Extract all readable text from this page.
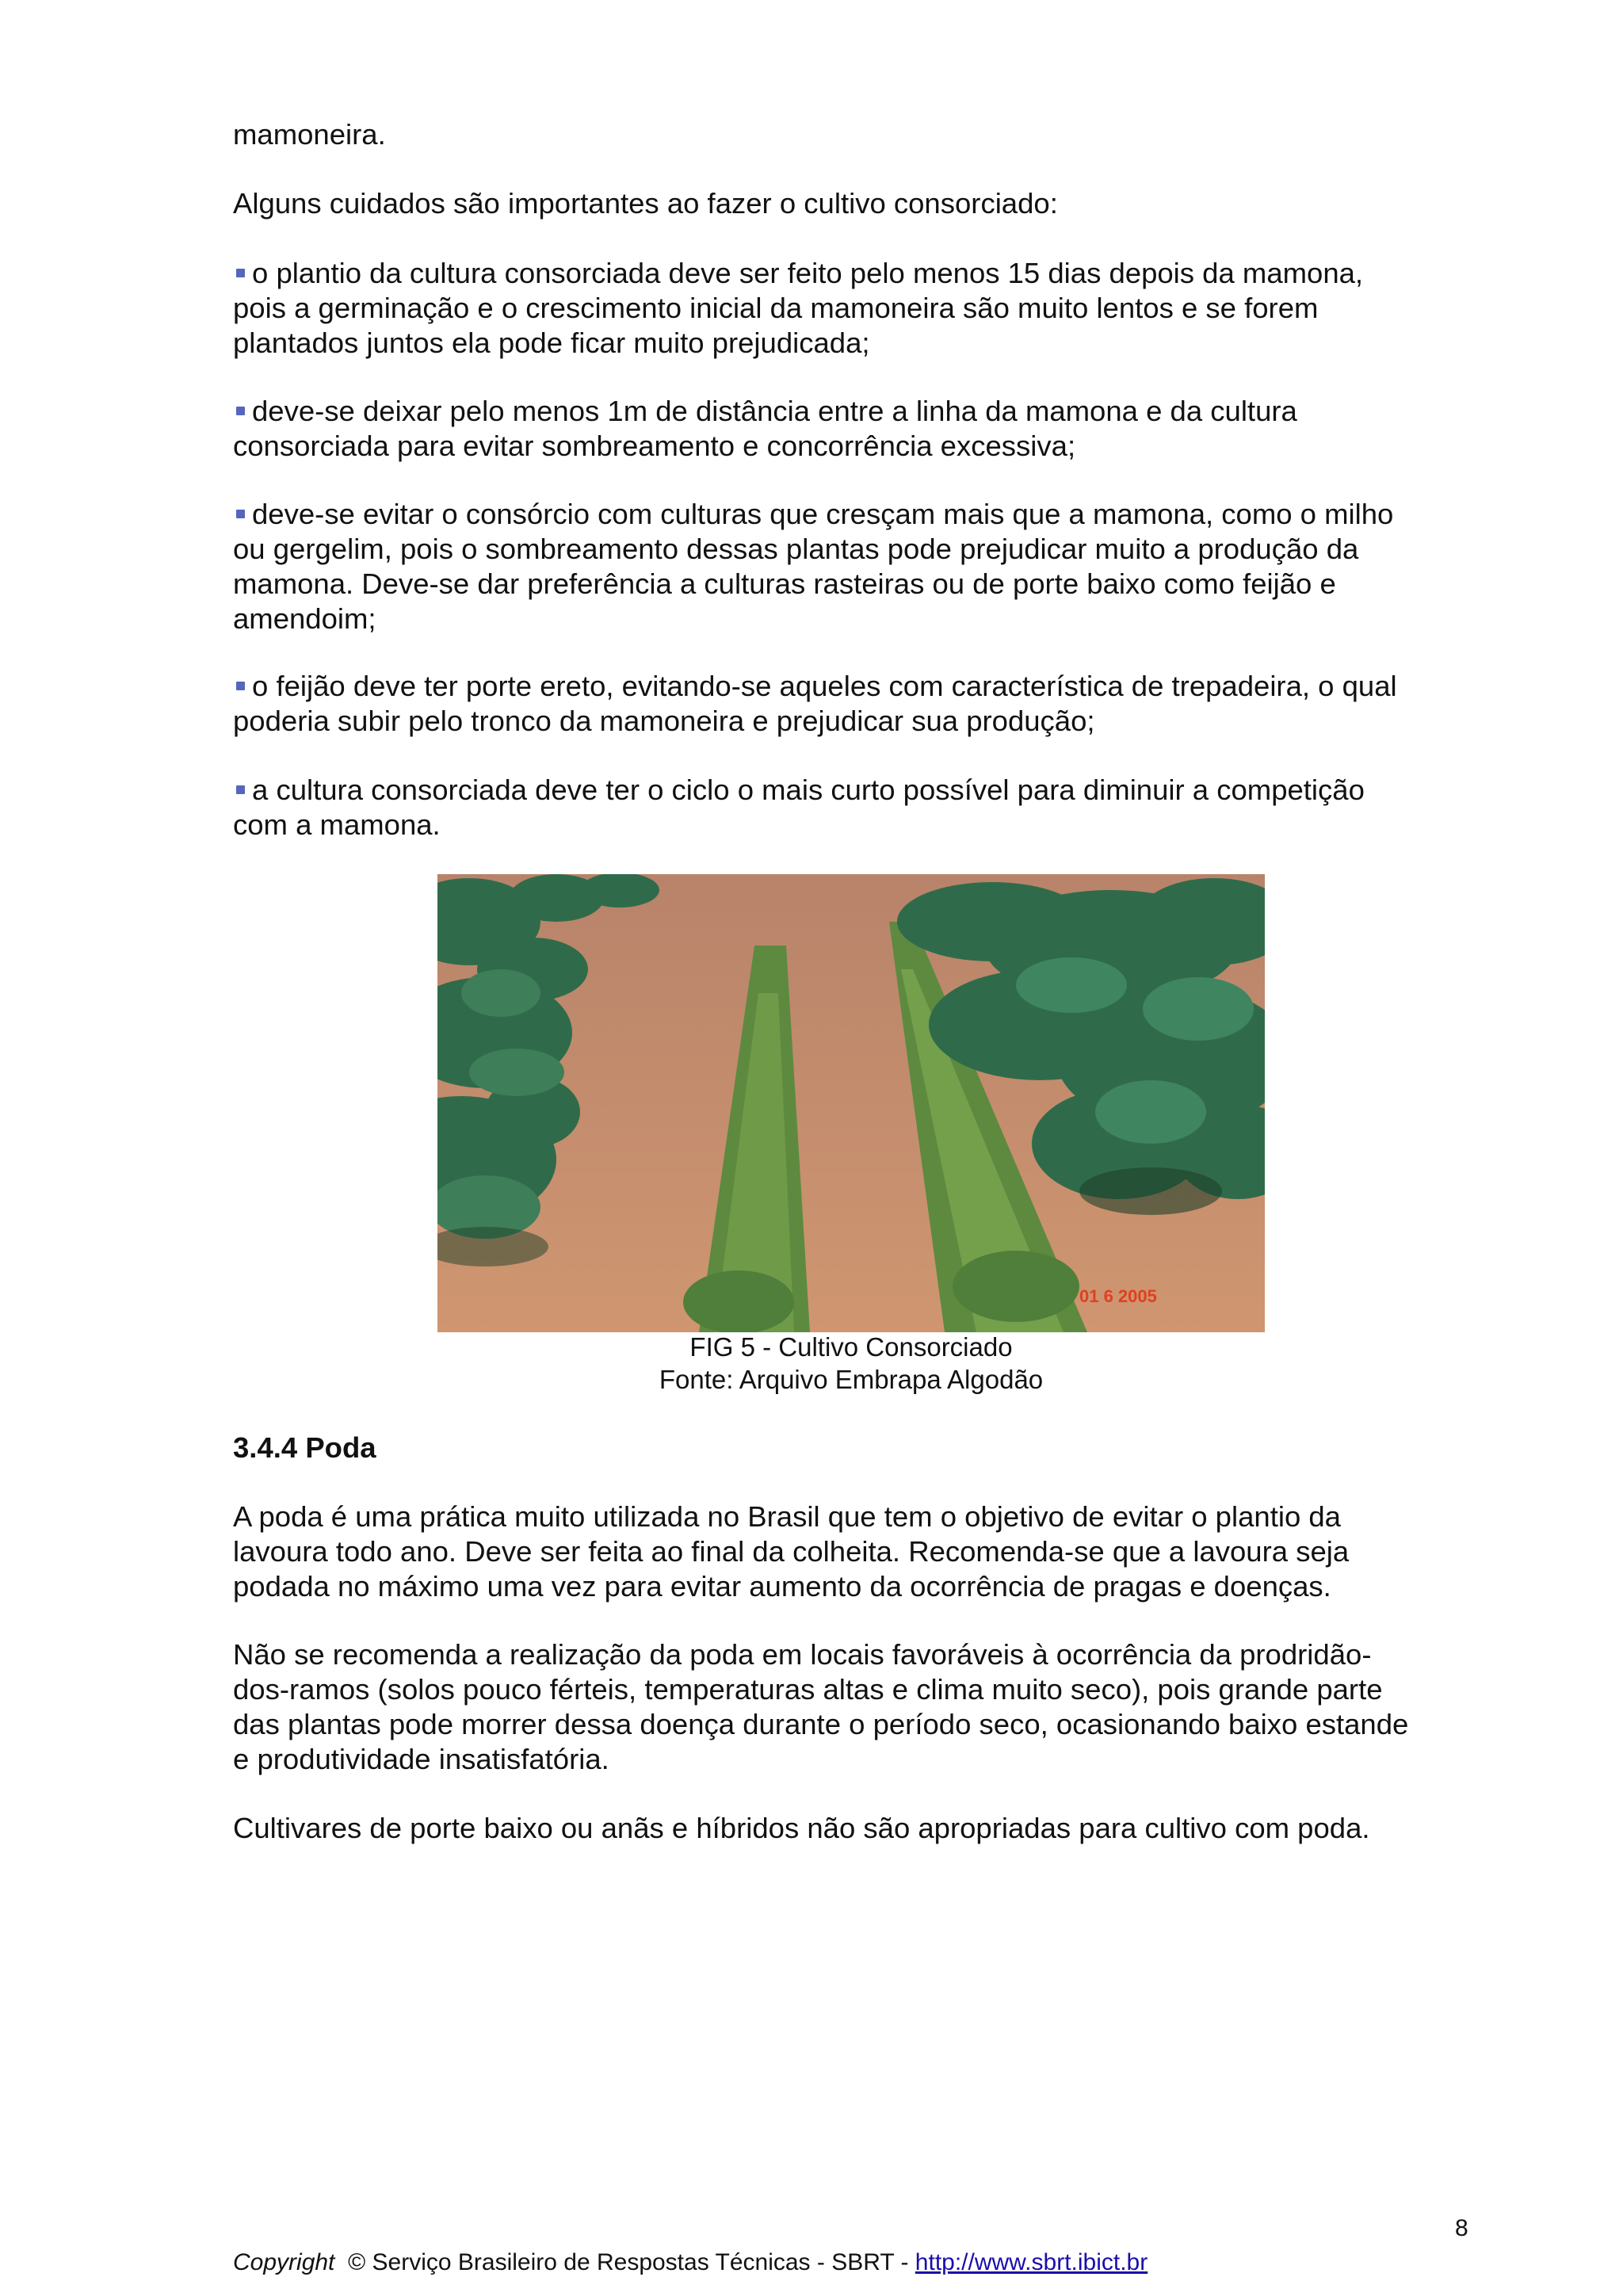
mamoneira.

Alguns cuidados são importantes ao fazer o cultivo consorciado:

o plantio da cultura consorciada deve ser feito pelo menos 15 dias depois da mamona,
pois a germinação e o crescimento inicial da mamoneira são muito lentos e se forem
plantados juntos ela pode ficar muito prejudicada;
deve-se deixar pelo menos 1m de distância entre a linha da mamona e da cultura
consorciada para evitar sombreamento e concorrência excessiva;
deve-se evitar o consórcio com culturas que cresçam mais que a mamona, como o milho
ou gergelim, pois o sombreamento dessas plantas pode prejudicar muito a produção da
mamona. Deve-se dar preferência a culturas rasteiras ou de porte baixo como feijão e
amendoim;
o feijão deve ter porte ereto, evitando-se aqueles com característica de trepadeira, o qual
poderia subir pelo tronco da mamoneira e prejudicar sua produção;
a cultura consorciada deve ter o ciclo o mais curto possível para diminuir a competição
com a mamona.
01 6 2005

FIG 5 - Cultivo Consorciado

Fonte: Arquivo Embrapa Algodão

3.4.4 Poda
A poda é uma prática muito utilizada no Brasil que tem o objetivo de evitar o plantio da
lavoura todo ano. Deve ser feita ao final da colheita. Recomenda-se que a lavoura seja
podada no máximo uma vez para evitar aumento da ocorrência de pragas e doenças.
Não se recomenda a realização da poda em locais favoráveis à ocorrência da prodridão-
dos-ramos (solos pouco férteis, temperaturas altas e clima muito seco), pois grande parte
das plantas pode morrer dessa doença durante o período seco, ocasionando baixo estande
e produtividade insatisfatória.
Cultivares de porte baixo ou anãs e híbridos não são apropriadas para cultivo com poda.

8

Copyright © Serviço Brasileiro de Respostas Técnicas - SBRT - http://www.sbrt.ibict.br
